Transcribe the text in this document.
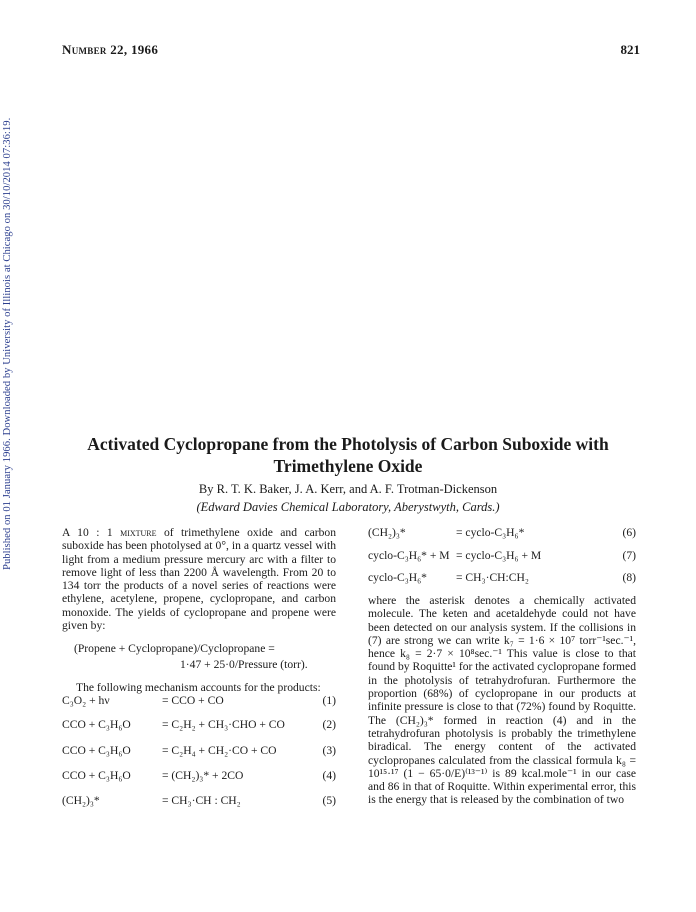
Published on 01 January 1966. Downloaded by University of Illinois at Chicago on 30/10/2014 07:36:19.
Number 22, 1966	821
Activated Cyclopropane from the Photolysis of Carbon Suboxide with Trimethylene Oxide
By R. T. K. Baker, J. A. Kerr, and A. F. Trotman-Dickenson
(Edward Davies Chemical Laboratory, Aberystwyth, Cards.)

A 10 : 1 mixture of trimethylene oxide and carbon suboxide has been photolysed at 0°, in a quartz vessel with light from a medium pressure mercury arc with a filter to remove light of less than 2200 Å wavelength. From 20 to 134 torr the products of a novel series of reactions were ethylene, acetylene, propene, cyclopropane, and carbon monoxide. The yields of cyclopropane and propene were given by:

(Propene + Cyclopropane)/Cyclopropane =

1·47 + 25·0/Pressure (torr).

The following mechanism accounts for the products:

C₃O₂ + hν	= CCO + CO	(1)
CCO + C₃H₆O	= C₂H₂ + CH₃·CHO + CO	(2)
CCO + C₃H₆O	= C₂H₄ + CH₂·CO + CO	(3)
CCO + C₃H₆O	= (CH₂)₃* + 2CO	(4)
(CH₂)₃*	= CH₃·CH : CH₂	(5)
(CH₂)₃*	= cyclo-C₃H₆*	(6)
cyclo-C₃H₆* + M = cyclo-C₃H₆ + M	(7)
cyclo-C₃H₆*	= CH₃·CH:CH₂	(8)

where the asterisk denotes a chemically activated molecule. The keten and acetaldehyde could not have been detected on our analysis system. If the collisions in (7) are strong we can write k₇ = 1·6 × 10⁷ torr⁻¹sec.⁻¹, hence k₈ = 2·7 × 10⁸sec.⁻¹ This value is close to that found by Roquitte¹ for the activated cyclopropane formed in the photolysis of tetrahydrofuran. Furthermore the proportion (68%) of cyclopropane in our products at infinite pressure is close to that (72%) found by Roquitte. The (CH₂)₃* formed in reaction (4) and in the tetrahydrofuran photolysis is probably the trimethylene biradical. The energy content of the activated cyclopropanes calculated from the classical formula k₈ = 10¹⁵·¹⁷ (1 − 65·0/E)⁽¹³⁻¹⁾ is 89 kcal.mole⁻¹ in our case and 86 in that of Roquitte. Within experimental error, this is the energy that is released by the combination of two
